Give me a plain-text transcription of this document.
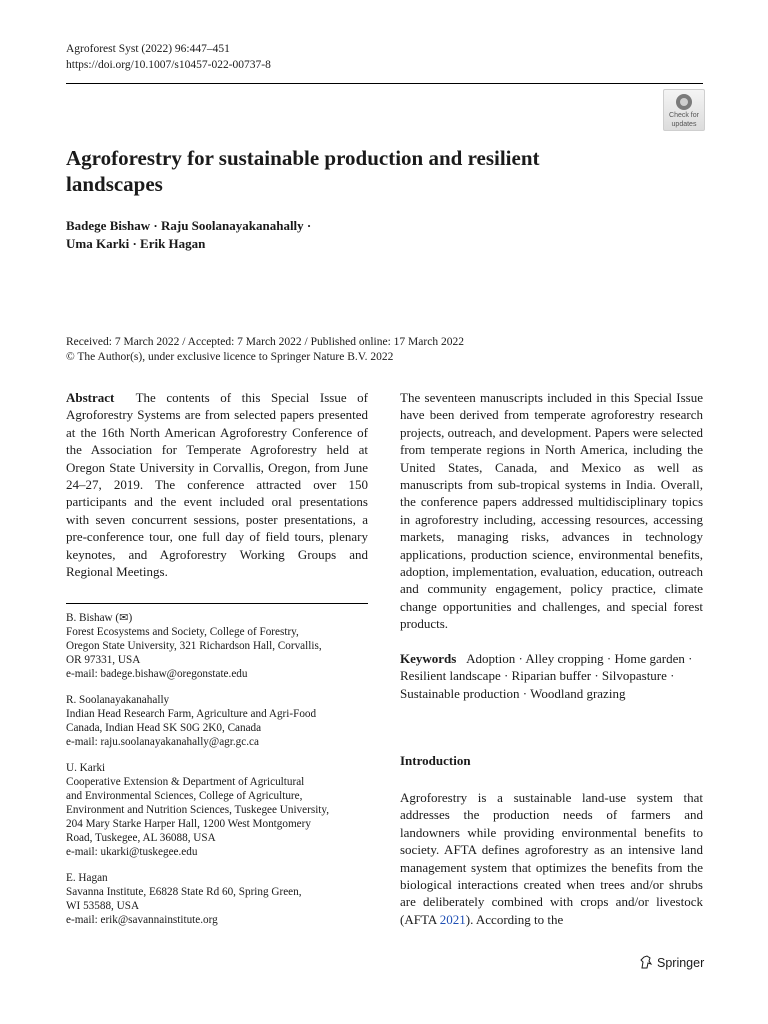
Agroforest Syst (2022) 96:447–451
https://doi.org/10.1007/s10457-022-00737-8
Check for
updates
Agroforestry for sustainable production and resilient landscapes
Badege Bishaw · Raju Soolanayakanahally ·
Uma Karki · Erik Hagan
Received: 7 March 2022 / Accepted: 7 March 2022 / Published online: 17 March 2022
© The Author(s), under exclusive licence to Springer Nature B.V. 2022
Abstract The contents of this Special Issue of Agroforestry Systems are from selected papers presented at the 16th North American Agroforestry Conference of the Association for Temperate Agroforestry held at Oregon State University in Corvallis, Oregon, from June 24–27, 2019. The conference attracted over 150 participants and the event included oral presentations with seven concurrent sessions, poster presentations, a pre-conference tour, one full day of field tours, plenary keynotes, and Agroforestry Working Groups and Regional Meetings.
B. Bishaw (✉)
Forest Ecosystems and Society, College of Forestry,
Oregon State University, 321 Richardson Hall, Corvallis,
OR 97331, USA
e-mail: badege.bishaw@oregonstate.edu
R. Soolanayakanahally
Indian Head Research Farm, Agriculture and Agri-Food
Canada, Indian Head SK S0G 2K0, Canada
e-mail: raju.soolanayakanahally@agr.gc.ca
U. Karki
Cooperative Extension & Department of Agricultural
and Environmental Sciences, College of Agriculture,
Environment and Nutrition Sciences, Tuskegee University,
204 Mary Starke Harper Hall, 1200 West Montgomery
Road, Tuskegee, AL 36088, USA
e-mail: ukarki@tuskegee.edu
E. Hagan
Savanna Institute, E6828 State Rd 60, Spring Green,
WI 53588, USA
e-mail: erik@savannainstitute.org
The seventeen manuscripts included in this Special Issue have been derived from temperate agroforestry research projects, outreach, and development. Papers were selected from temperate regions in North America, including the United States, Canada, and Mexico as well as manuscripts from sub-tropical systems in India. Overall, the conference papers addressed multidisciplinary topics in agroforestry including, accessing resources, accessing markets, managing risks, advances in technology applications, production science, environmental benefits, adoption, implementation, evaluation, education, outreach and community engagement, policy practice, climate change opportunities and challenges, and special forest products.
Keywords Adoption · Alley cropping · Home garden · Resilient landscape · Riparian buffer · Silvopasture · Sustainable production · Woodland grazing
Introduction
Agroforestry is a sustainable land-use system that addresses the production needs of farmers and landowners while providing environmental benefits to society. AFTA defines agroforestry as an intensive land management system that optimizes the benefits from the biological interactions created when trees and/or shrubs are deliberately combined with crops and/or livestock (AFTA 2021). According to the
Springer
